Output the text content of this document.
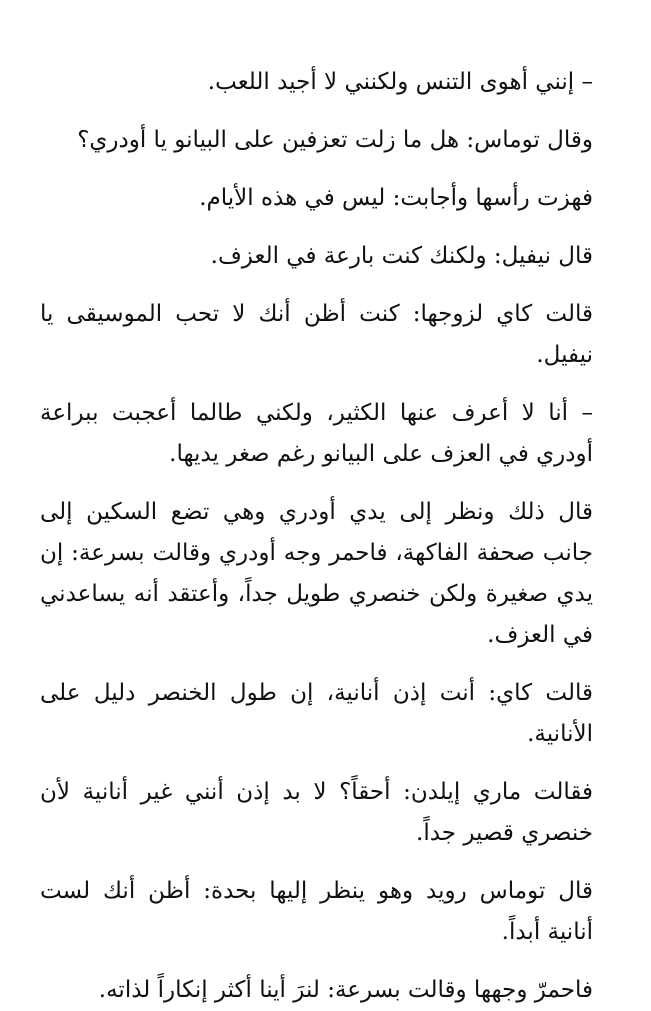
– إنني أهوى التنس ولكنني لا أجيد اللعب.

وقال توماس: هل ما زلت تعزفين على البيانو يا أودري؟

فهزت رأسها وأجابت: ليس في هذه الأيام.

قال نيفيل: ولكنك كنت بارعة في العزف.

قالت كاي لزوجها: كنت أظن أنك لا تحب الموسيقى يا نيفيل.

– أنا لا أعرف عنها الكثير، ولكني طالما أعجبت ببراعة أودري في العزف على البيانو رغم صغر يديها.

قال ذلك ونظر إلى يدي أودري وهي تضع السكين إلى جانب صحفة الفاكهة، فاحمر وجه أودري وقالت بسرعة: إن يدي صغيرة ولكن خنصري طويل جداً، وأعتقد أنه يساعدني في العزف.

قالت كاي: أنت إذن أنانية، إن طول الخنصر دليل على الأنانية.

فقالت ماري إيلدن: أحقاً؟ لا بد إذن أنني غير أنانية لأن خنصري قصير جداً.

قال توماس رويد وهو ينظر إليها بحدة: أظن أنك لست أنانية أبداً.

فاحمرّ وجهها وقالت بسرعة: لنرَ أينا أكثر إنكاراً لذاته.
